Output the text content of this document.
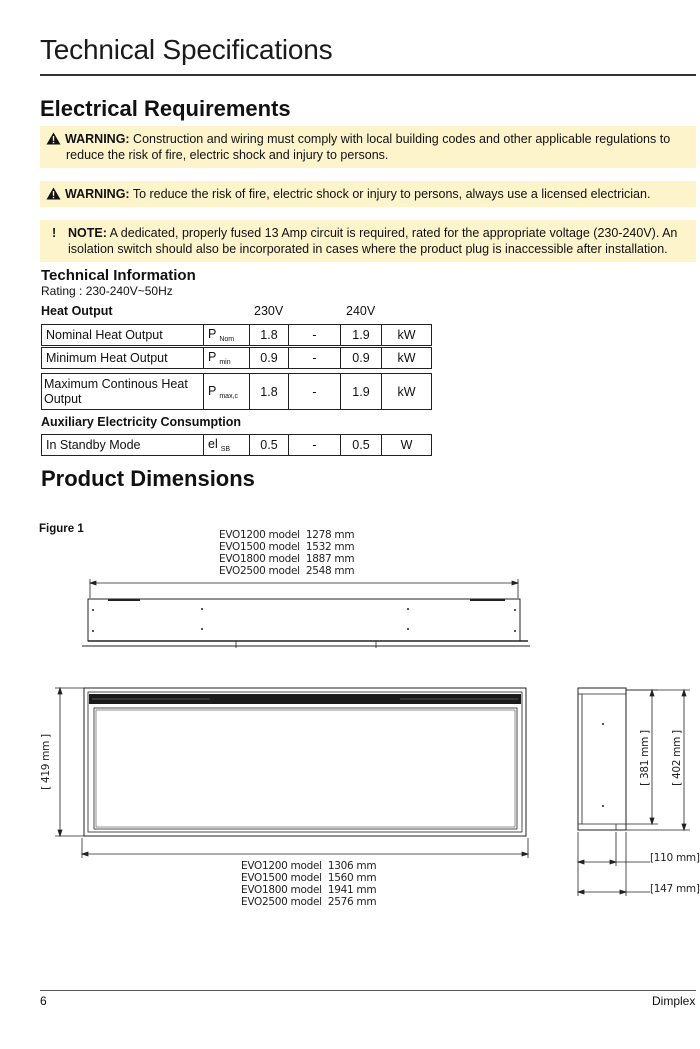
Technical Specifications
Electrical Requirements
WARNING: Construction and wiring must comply with local building codes and other applicable regulations to
reduce the risk of fire, electric shock and injury to persons.
WARNING: To reduce the risk of fire, electric shock or injury to persons, always use a licensed electrician.
! NOTE: A dedicated, properly fused 13 Amp circuit is required, rated for the appropriate voltage (230-240V). An
isolation switch should also be incorporated in cases where the product plug is inaccessible after installation.
Technical Information
Rating : 230-240V~50Hz
Heat Output	230V	240V
Nominal Heat Output	P $_{Nom}$	1.8	-	1.9	kW
Minimum Heat Output	P $_{min}$	0.9	-	0.9	kW
Maximum Continous Heat Output	P $_{max,c}$	1.8	-	1.9	kW
Auxiliary Electricity Consumption
In Standby Mode	el $_{SB}$	0.5	-	0.5	W
Product Dimensions
Figure 1	EVO1200 model  1278 mm
EVO1500 model  1532 mm
EVO1800 model  1887 mm
EVO2500 model  2548 mm
EVO1200 model  1306 mm
EVO1500 model  1560 mm
EVO1800 model  1941 mm
EVO2500 model  2576 mm
[ 419 mm ]	[ 381 mm ] [ 402 mm ]
[110 mm]
[147 mm]
6	Dimplex
